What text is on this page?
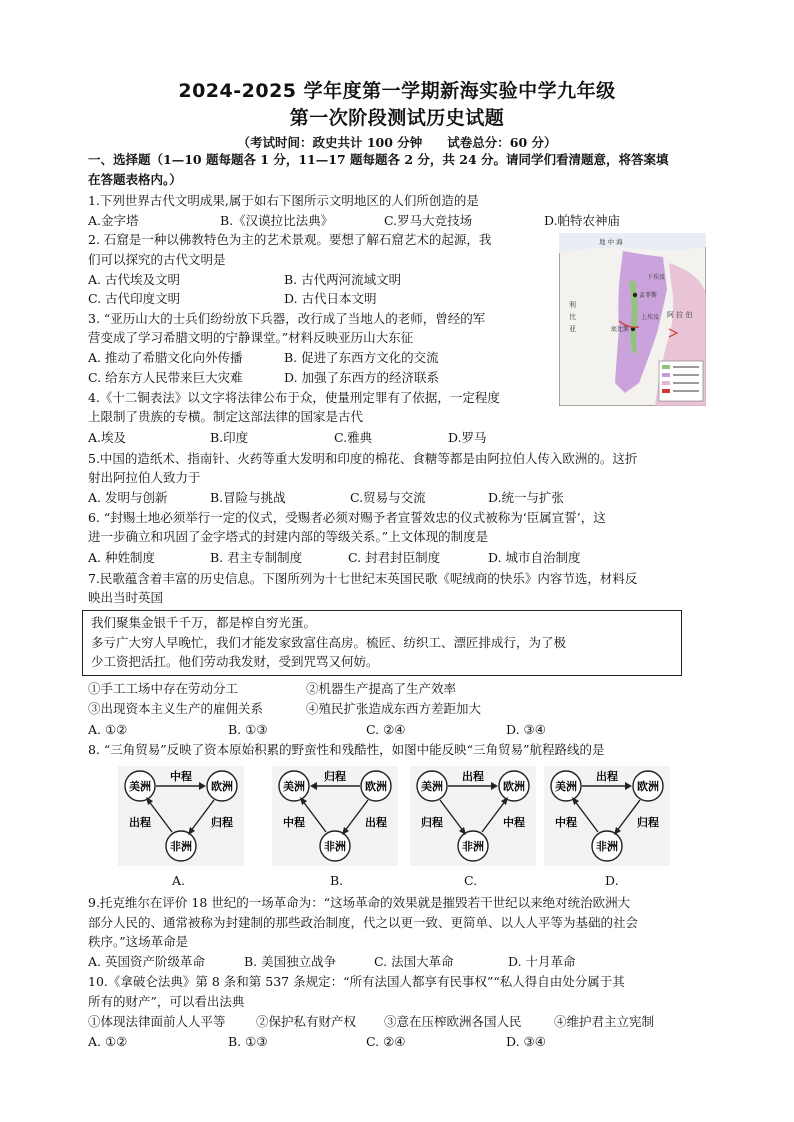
2024-2025 学年度第一学期新海实验中学九年级
第一次阶段测试历史试题
（考试时间：政史共计 100 分钟　　试卷总分：60 分）
一、选择题（1—10 题每题各 1 分，11—17 题每题各 2 分，共 24 分。请同学们看清题意，将答案填
在答题表格内。）
1.下列世界古代文明成果,属于如右下图所示文明地区的人们所创造的是
A.金字塔	B.《汉谟拉比法典》	C.罗马大竞技场	D.帕特农神庙
2. 石窟是一种以佛教特色为主的艺术景观。要想了解石窟艺术的起源，我
们可以探究的古代文明是
A. 古代埃及文明	B. 古代两河流域文明
C. 古代印度文明	D. 古代日本文明
3. “亚历山大的士兵们纷纷放下兵器，改行成了当地人的老师，曾经的军
营变成了学习希腊文明的宁静课堂。”材料反映亚历山大东征
A. 推动了希腊文化向外传播	B. 促进了东西方文化的交流
C. 给东方人民带来巨大灾难	D. 加强了东西方的经济联系
4.《十二铜表法》以文字将法律公布于众，使量刑定罪有了依据，一定程度
上限制了贵族的专横。制定这部法律的国家是古代
A.埃及	B.印度	C.雅典	D.罗马
5.中国的造纸术、指南针、火药等重大发明和印度的棉花、食糖等都是由阿拉伯人传入欧洲的。这折
射出阿拉伯人致力于
A. 发明与创新	B.冒险与挑战	C.贸易与交流	D.统一与扩张
6. “封赐土地必须举行一定的仪式，受赐者必须对赐予者宣誓效忠的仪式被称为‘臣属宣誓’，这
进一步确立和巩固了金字塔式的封建内部的等级关系。”上文体现的制度是
A. 种姓制度	B. 君主专制制度	C. 封君封臣制度	D. 城市自治制度
7.民歌蕴含着丰富的历史信息。下图所列为十七世纪末英国民歌《呢绒商的快乐》内容节选，材料反
映出当时英国
我们聚集金银千千万，都是榨自穷光蛋。
多亏广大穷人早晚忙，我们才能发家致富住高房。梳匠、纺织工、漂匠排成行，为了极
少工资把活扛。他们劳动我发财，受到咒骂又何妨。
①手工工场中存在劳动分工	②机器生产提高了生产效率
③出现资本主义生产的雇佣关系	④殖民扩张造成东西方差距加大
A. ①②	B. ①③	C. ②④	D. ③④
8. “三角贸易”反映了资本原始积累的野蛮性和残酷性，如图中能反映“三角贸易”航程路线的是
美洲	欧洲
非洲
中程
出程	归程
A.
美洲	欧洲
非洲
归程
中程	出程
B.
美洲	欧洲
非洲
出程
归程	中程
C.
美洲	欧洲
非洲
出程
中程	归程
D.
9.托克维尔在评价 18 世纪的一场革命为：“这场革命的效果就是摧毁若干世纪以来绝对统治欧洲大
部分人民的、通常被称为封建制的那些政治制度，代之以更一致、更简单、以人人平等为基础的社会
秩序。”这场革命是
A. 英国资产阶级革命	B. 美国独立战争	C. 法国大革命	D. 十月革命
10.《拿破仑法典》第 8 条和第 537 条规定：“所有法国人都享有民事权”“私人得自由处分属于其
所有的财产”，可以看出法典
①体现法律面前人人平等 ②保护私有财产权 ③意在压榨欧洲各国人民	④维护君主立宪制
A. ①②	B. ①③	C. ②④	D. ③④
地 中 海
下埃及
孟菲斯
上埃及
底比斯
利
比
亚
阿 拉 伯
